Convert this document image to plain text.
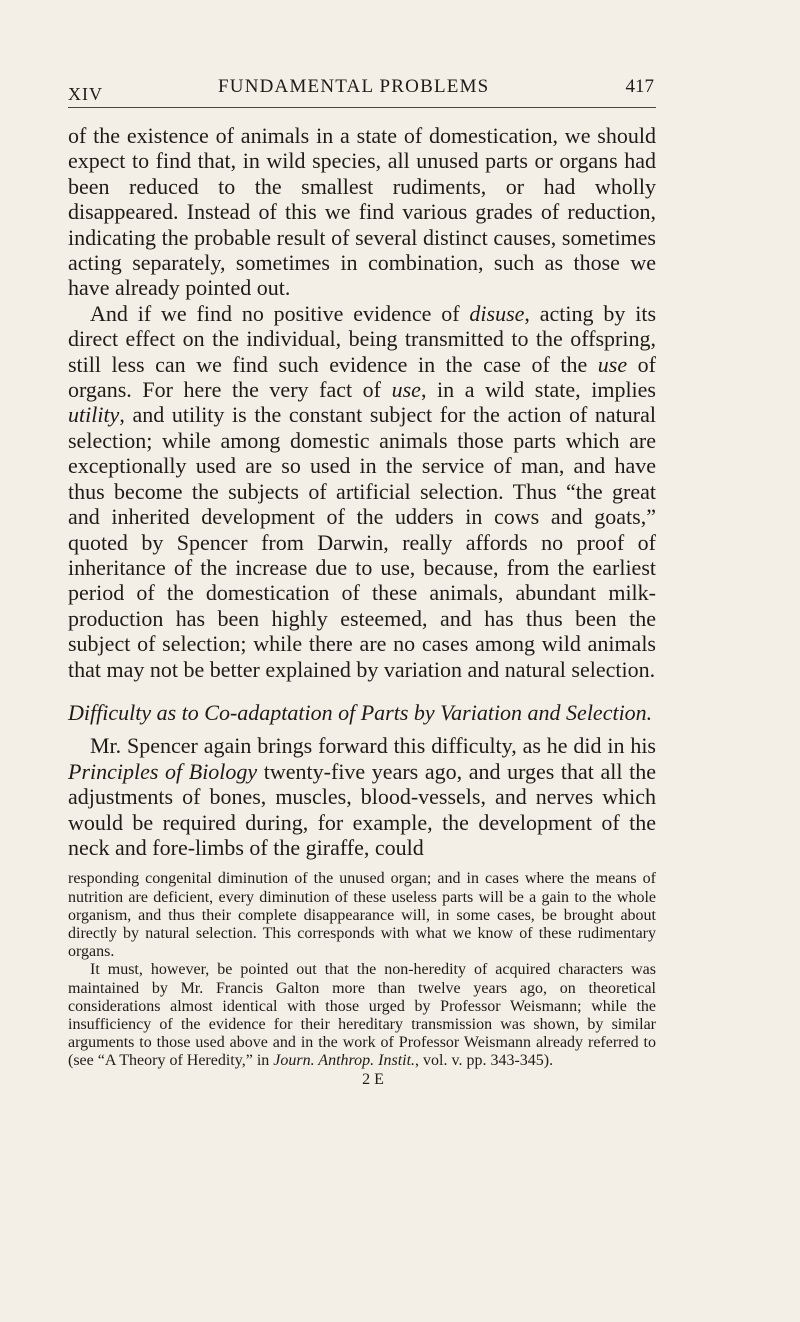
XIV	FUNDAMENTAL PROBLEMS	417

of the existence of animals in a state of domestication, we should expect to find that, in wild species, all unused parts or organs had been reduced to the smallest rudiments, or had wholly disappeared. Instead of this we find various grades of reduction, indicating the probable result of several distinct causes, sometimes acting separately, sometimes in combination, such as those we have already pointed out.

And if we find no positive evidence of disuse, acting by its direct effect on the individual, being transmitted to the offspring, still less can we find such evidence in the case of the use of organs. For here the very fact of use, in a wild state, implies utility, and utility is the constant subject for the action of natural selection; while among domestic animals those parts which are exceptionally used are so used in the service of man, and have thus become the subjects of artificial selection. Thus “the great and inherited development of the udders in cows and goats,” quoted by Spencer from Darwin, really affords no proof of inheritance of the increase due to use, because, from the earliest period of the domestication of these animals, abundant milk-production has been highly esteemed, and has thus been the subject of selection; while there are no cases among wild animals that may not be better explained by variation and natural selection.

Difficulty as to Co-adaptation of Parts by Variation and Selection.

Mr. Spencer again brings forward this difficulty, as he did in his Principles of Biology twenty-five years ago, and urges that all the adjustments of bones, muscles, blood-vessels, and nerves which would be required during, for example, the development of the neck and fore-limbs of the giraffe, could

responding congenital diminution of the unused organ; and in cases where the means of nutrition are deficient, every diminution of these useless parts will be a gain to the whole organism, and thus their complete disappearance will, in some cases, be brought about directly by natural selection. This corresponds with what we know of these rudimentary organs.

It must, however, be pointed out that the non-heredity of acquired characters was maintained by Mr. Francis Galton more than twelve years ago, on theoretical considerations almost identical with those urged by Professor Weismann; while the insufficiency of the evidence for their hereditary transmission was shown, by similar arguments to those used above and in the work of Professor Weismann already referred to (see “A Theory of Heredity,” in Journ. Anthrop. Instit., vol. v. pp. 343-345).

2 E
